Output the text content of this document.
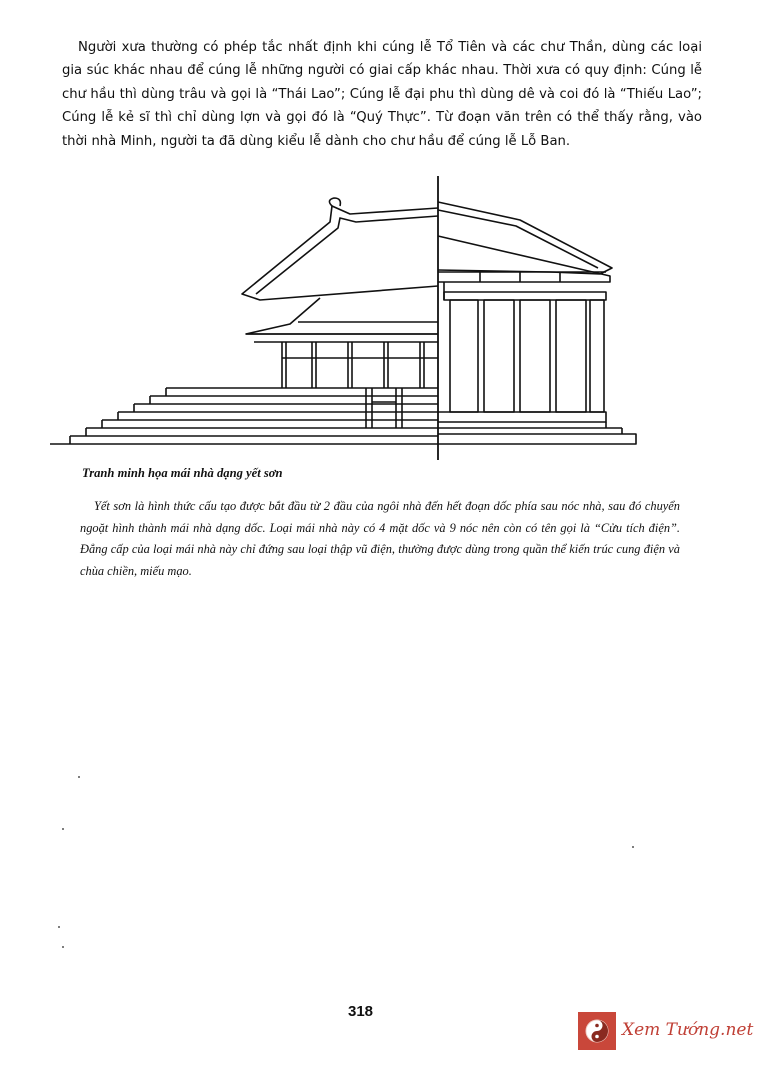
Người xưa thường có phép tắc nhất định khi cúng lễ Tổ Tiên và các chư Thần, dùng các loại gia súc khác nhau để cúng lễ những người có giai cấp khác nhau. Thời xưa có quy định: Cúng lễ chư hầu thì dùng trâu và gọi là “Thái Lao”; Cúng lễ đại phu thì dùng dê và coi đó là “Thiếu Lao”; Cúng lễ kẻ sĩ thì chỉ dùng lợn và gọi đó là “Quý Thực”. Từ đoạn văn trên có thể thấy rằng, vào thời nhà Minh, người ta đã dùng kiểu lễ dành cho chư hầu để cúng lễ Lỗ Ban.

Tranh minh họa mái nhà dạng yết sơn

Yết sơn là hình thức cấu tạo được bắt đầu từ 2 đầu của ngôi nhà đến hết đoạn dốc phía sau nóc nhà, sau đó chuyển ngoặt hình thành mái nhà dạng dốc. Loại mái nhà này có 4 mặt dốc và 9 nóc nên còn có tên gọi là “Cửu tích điện”. Đẳng cấp của loại mái nhà này chỉ đứng sau loại thập vũ điện, thường được dùng trong quần thể kiến trúc cung điện và chùa chiền, miếu mạo.

318

Xem Tướng.net
